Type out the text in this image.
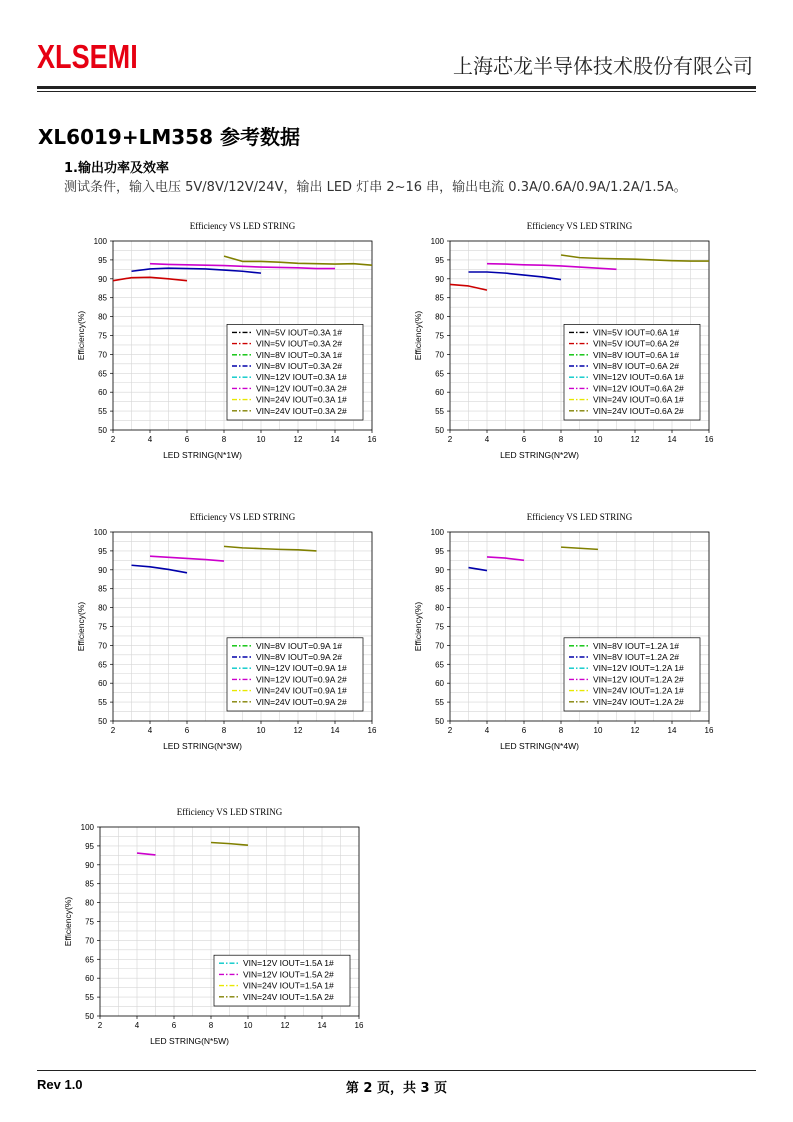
XLSEMI	上海芯龙半导体技术股份有限公司
XL6019+LM358 参考数据
1.输出功率及效率
测试条件，输入电压 5V/8V/12V/24V，输出 LED 灯串 2~16 串，输出电流 0.3A/0.6A/0.9A/1.2A/1.5A。
Efficiency VS LED STRING
2	4	6	8	10	12	14	16
50
55
60
65
70
75
80
85
90
95
100
LED STRING(N*1W)
Efficiency(%)	VIN=5V IOUT=0.3A 1#
VIN=5V IOUT=0.3A 2#
VIN=8V IOUT=0.3A 1#
VIN=8V IOUT=0.3A 2#
VIN=12V IOUT=0.3A 1#
VIN=12V IOUT=0.3A 2#
VIN=24V IOUT=0.3A 1#
VIN=24V IOUT=0.3A 2#
Efficiency VS LED STRING
2	4	6	8	10	12	14	16
50
55
60
65
70
75
80
85
90
95
100
LED STRING(N*2W)
Efficiency(%)	VIN=5V IOUT=0.6A 1#
VIN=5V IOUT=0.6A 2#
VIN=8V IOUT=0.6A 1#
VIN=8V IOUT=0.6A 2#
VIN=12V IOUT=0.6A 1#
VIN=12V IOUT=0.6A 2#
VIN=24V IOUT=0.6A 1#
VIN=24V IOUT=0.6A 2#
Efficiency VS LED STRING
2	4	6	8	10	12	14	16
50
55
60
65
70
75
80
85
90
95
100
LED STRING(N*3W)
Efficiency(%)	VIN=8V IOUT=0.9A 1#
VIN=8V IOUT=0.9A 2#
VIN=12V IOUT=0.9A 1#
VIN=12V IOUT=0.9A 2#
VIN=24V IOUT=0.9A 1#
VIN=24V IOUT=0.9A 2#
Efficiency VS LED STRING
2	4	6	8	10	12	14	16
50
55
60
65
70
75
80
85
90
95
100
LED STRING(N*4W)
Efficiency(%)	VIN=8V IOUT=1.2A 1#
VIN=8V IOUT=1.2A 2#
VIN=12V IOUT=1.2A 1#
VIN=12V IOUT=1.2A 2#
VIN=24V IOUT=1.2A 1#
VIN=24V IOUT=1.2A 2#
Efficiency VS LED STRING
2	4	6	8	10	12	14	16
50
55
60
65
70
75
80
85
90
95
100
LED STRING(N*5W)
Efficiency(%)
VIN=12V IOUT=1.5A 1#
VIN=12V IOUT=1.5A 2#
VIN=24V IOUT=1.5A 1#
VIN=24V IOUT=1.5A 2#
Rev 1.0	第 2 页，共 3 页
